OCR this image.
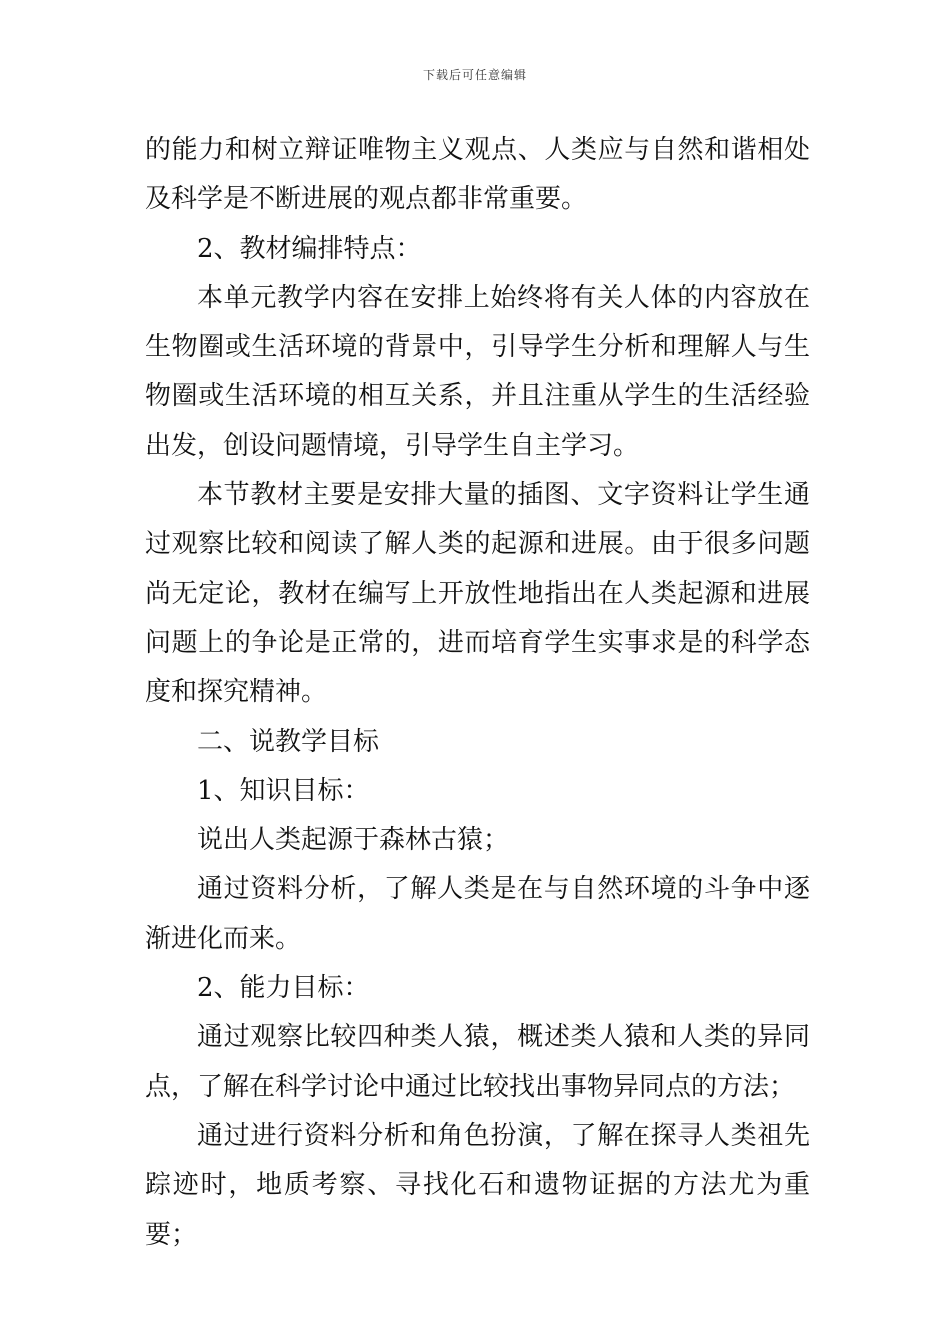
下载后可任意编辑

的能力和树立辩证唯物主义观点、人类应与自然和谐相处及科学是不断进展的观点都非常重要。

2、教材编排特点：

本单元教学内容在安排上始终将有关人体的内容放在生物圈或生活环境的背景中，引导学生分析和理解人与生物圈或生活环境的相互关系，并且注重从学生的生活经验出发，创设问题情境，引导学生自主学习。

本节教材主要是安排大量的插图、文字资料让学生通过观察比较和阅读了解人类的起源和进展。由于很多问题尚无定论，教材在编写上开放性地指出在人类起源和进展问题上的争论是正常的，进而培育学生实事求是的科学态度和探究精神。

二、说教学目标

1、知识目标：

说出人类起源于森林古猿；

通过资料分析，了解人类是在与自然环境的斗争中逐渐进化而来。

2、能力目标：

通过观察比较四种类人猿，概述类人猿和人类的异同点，了解在科学讨论中通过比较找出事物异同点的方法；

通过进行资料分析和角色扮演，了解在探寻人类祖先踪迹时，地质考察、寻找化石和遗物证据的方法尤为重要；
